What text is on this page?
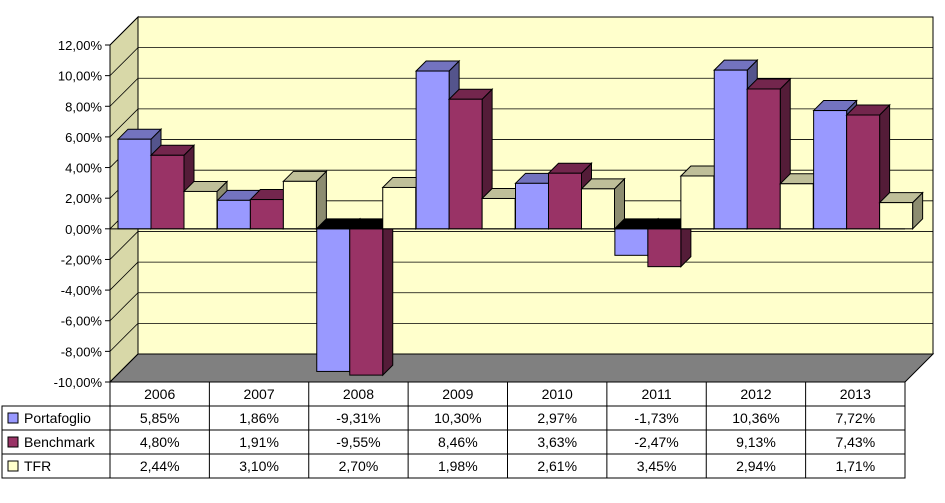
12,00%
10,00%
8,00%
6,00%
4,00%
2,00%
0,00%
-2,00%
-4,00%
-6,00%
-8,00%
-10,00%
2006	2007	2008	2009	2010	2011	2012	2013
Portafoglio	5,85%	1,86%	-9,31%	10,30%	2,97%	-1,73%	10,36%	7,72%
Benchmark	4,80%	1,91%	-9,55%	8,46%	3,63%	-2,47%	9,13%	7,43%
TFR	2,44%	3,10%	2,70%	1,98%	2,61%	3,45%	2,94%	1,71%
